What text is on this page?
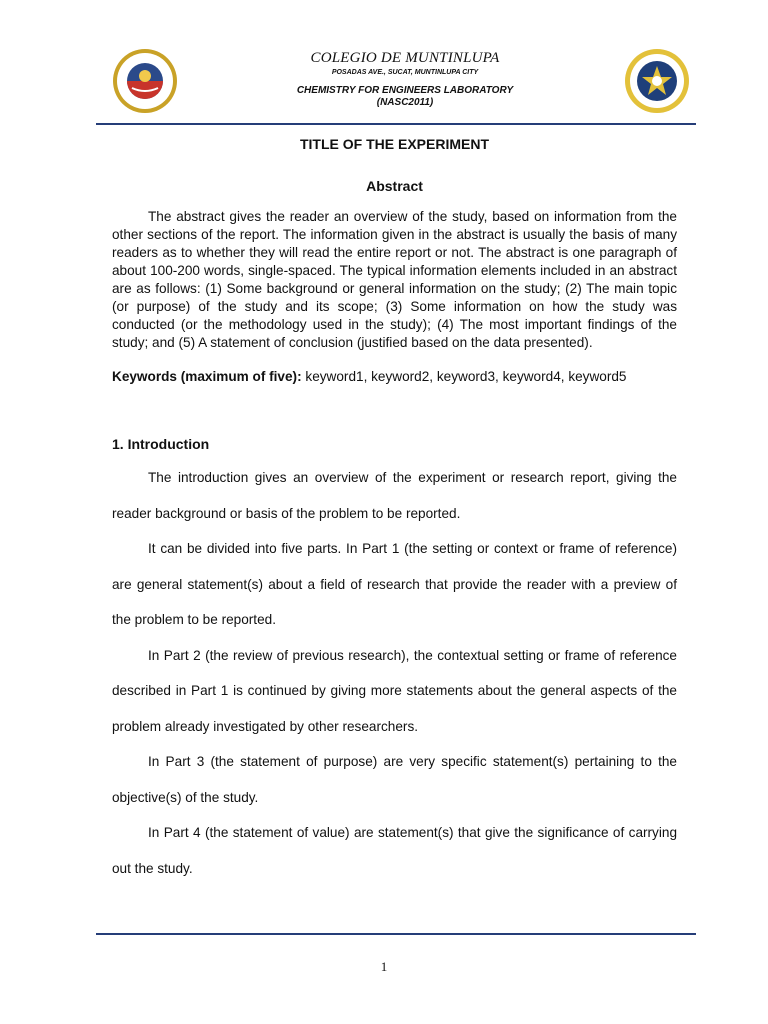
COLEGIO DE MUNTINLUPA
POSADAS AVE., SUCAT, MUNTINLUPA CITY
CHEMISTRY FOR ENGINEERS LABORATORY
(NASC2011)
TITLE OF THE EXPERIMENT
Abstract
The abstract gives the reader an overview of the study, based on information from the other sections of the report. The information given in the abstract is usually the basis of many readers as to whether they will read the entire report or not. The abstract is one paragraph of about 100-200 words, single-spaced. The typical information elements included in an abstract are as follows: (1) Some background or general information on the study; (2) The main topic (or purpose) of the study and its scope; (3) Some information on how the study was conducted (or the methodology used in the study); (4) The most important findings of the study; and (5) A statement of conclusion (justified based on the data presented).
Keywords (maximum of five): keyword1, keyword2, keyword3, keyword4, keyword5
1. Introduction
The introduction gives an overview of the experiment or research report, giving the reader background or basis of the problem to be reported.
It can be divided into five parts. In Part 1 (the setting or context or frame of reference) are general statement(s) about a field of research that provide the reader with a preview of the problem to be reported.
In Part 2 (the review of previous research), the contextual setting or frame of reference described in Part 1 is continued by giving more statements about the general aspects of the problem already investigated by other researchers.
In Part 3 (the statement of purpose) are very specific statement(s) pertaining to the objective(s) of the study.
In Part 4 (the statement of value) are statement(s) that give the significance of carrying out the study.
1
